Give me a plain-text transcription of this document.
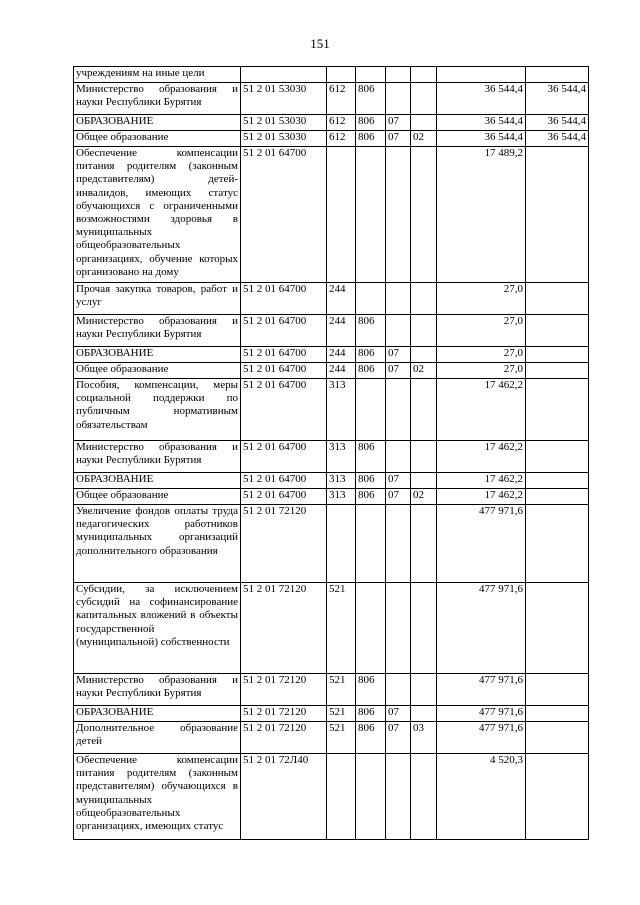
151
учреждениям на иные цели							
Министерство образования и науки Республики Бурятия	51 2 01 53030	612	806			36 544,4	36 544,4
ОБРАЗОВАНИЕ	51 2 01 53030	612	806	07		36 544,4	36 544,4
Общее образование	51 2 01 53030	612	806	07	02	36 544,4	36 544,4
Обеспечение компенсации питания родителям (законным представителям) детей-инвалидов, имеющих статус обучающихся с ограниченными возможностями здоровья в муниципальных общеобразовательных организациях, обучение которых организовано на дому	51 2 01 64700					17 489,2	
Прочая закупка товаров, работ и услуг	51 2 01 64700	244				27,0	
Министерство образования и науки Республики Бурятия	51 2 01 64700	244	806			27,0	
ОБРАЗОВАНИЕ	51 2 01 64700	244	806	07		27,0	
Общее образование	51 2 01 64700	244	806	07	02	27,0	
Пособия, компенсации, меры социальной поддержки по публичным нормативным обязательствам	51 2 01 64700	313				17 462,2	
Министерство образования и науки Республики Бурятия	51 2 01 64700	313	806			17 462,2	
ОБРАЗОВАНИЕ	51 2 01 64700	313	806	07		17 462,2	
Общее образование	51 2 01 64700	313	806	07	02	17 462,2	
Увеличение фондов оплаты труда педагогических работников муниципальных организаций дополнительного образования	51 2 01 72120					477 971,6	
Субсидии, за исключением субсидий на софинансирование капитальных вложений в объекты государственной (муниципальной) собственности	51 2 01 72120	521				477 971,6	
Министерство образования и науки Республики Бурятия	51 2 01 72120	521	806			477 971,6	
ОБРАЗОВАНИЕ	51 2 01 72120	521	806	07		477 971,6	
Дополнительное образование детей	51 2 01 72120	521	806	07	03	477 971,6	
Обеспечение компенсации питания родителям (законным представителям) обучающихся в муниципальных общеобразовательных организациях, имеющих статус	51 2 01 72Л40					4 520,3	
